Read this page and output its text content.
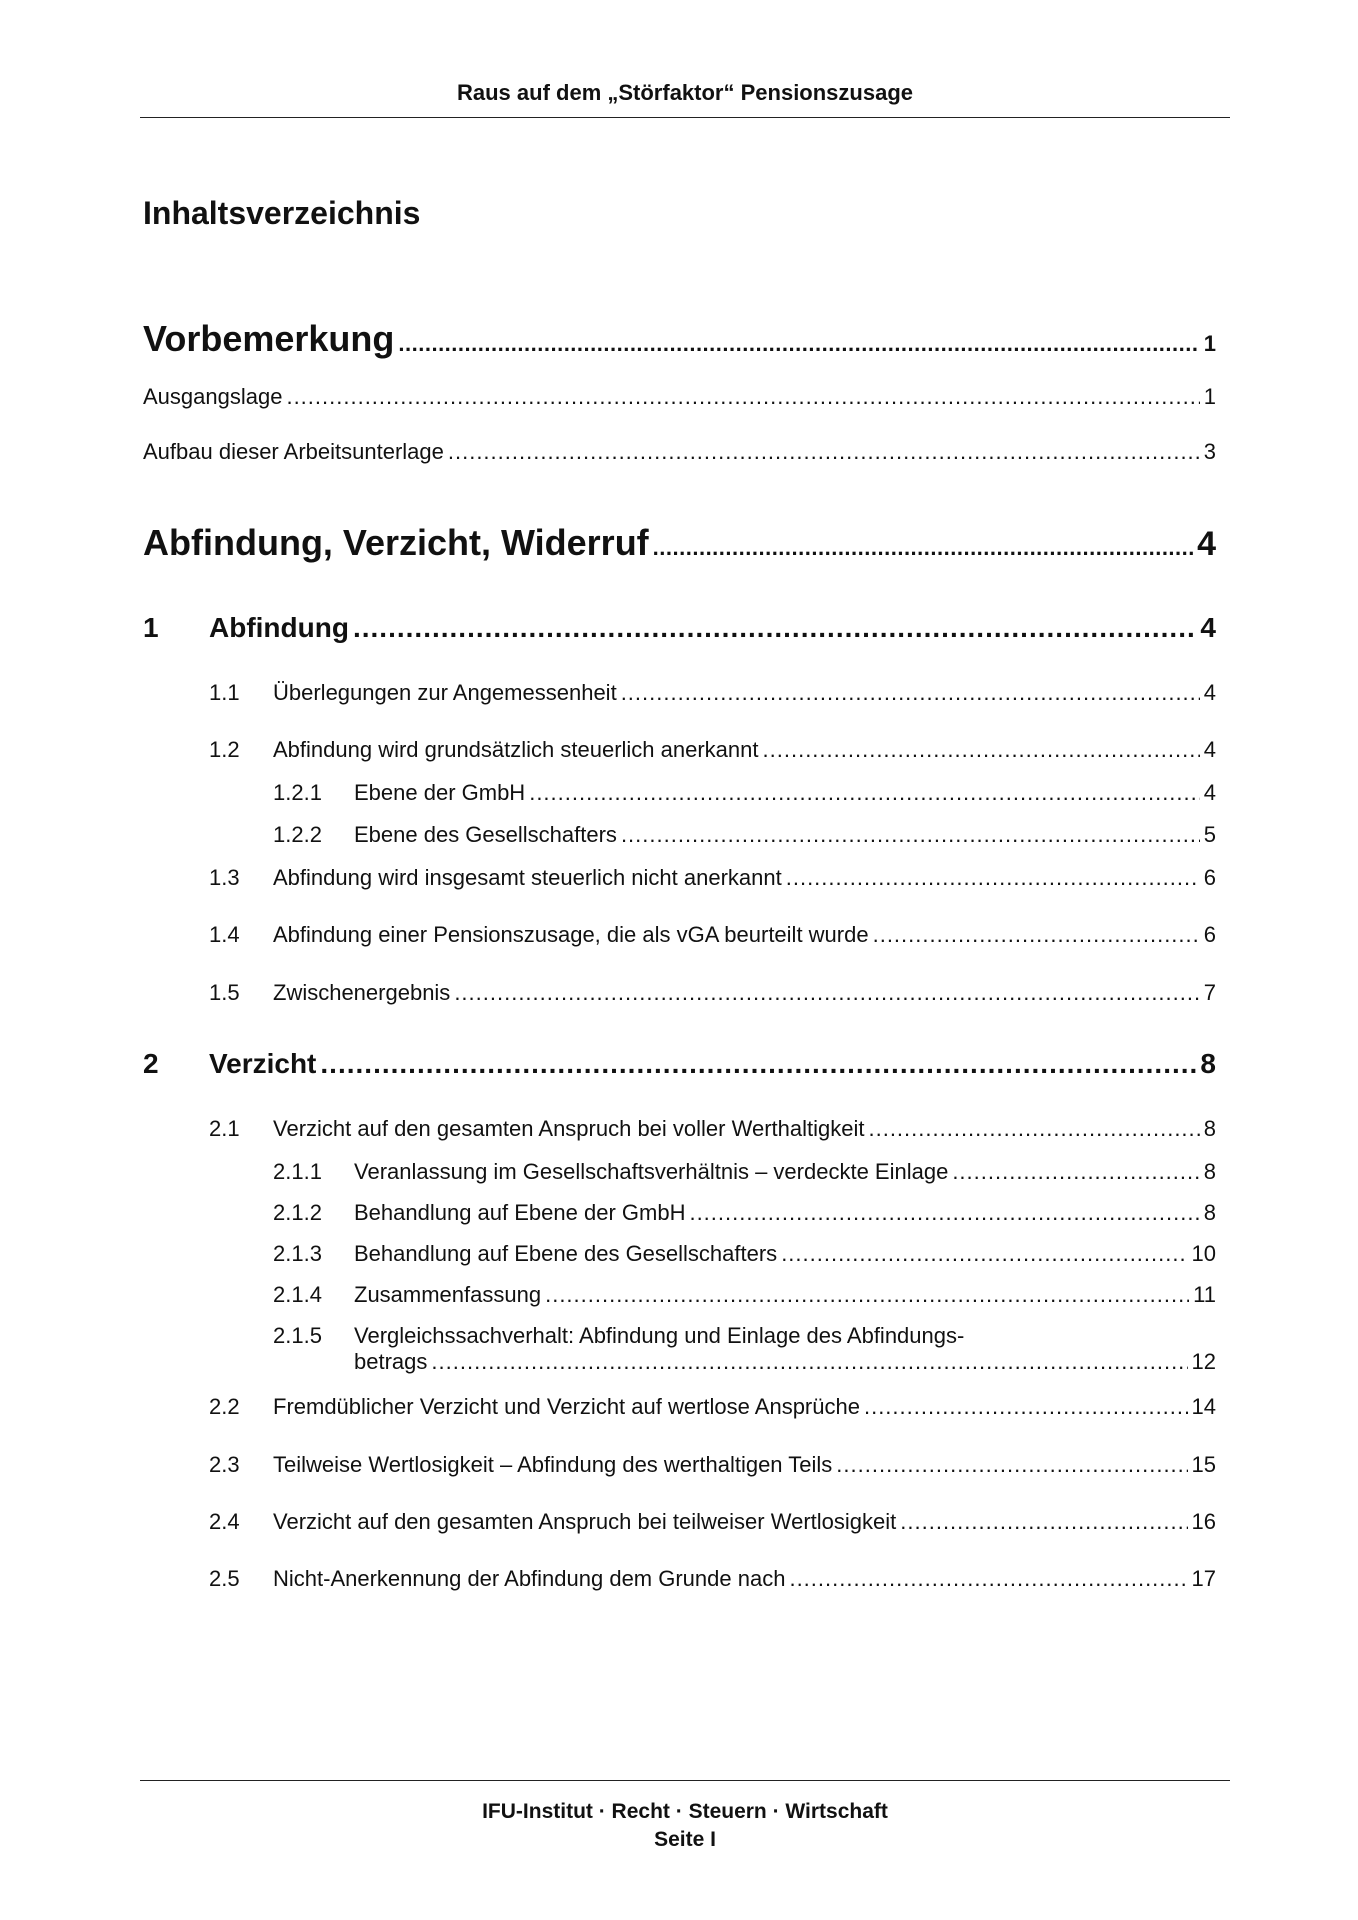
Raus auf dem „Störfaktor“ Pensionszusage
Inhaltsverzeichnis
Vorbemerkung .....	1
Ausgangslage .....	1
Aufbau dieser Arbeitsunterlage .....	3
Abfindung, Verzicht, Widerruf .....	4
1	Abfindung .....	4
1.1	Überlegungen zur Angemessenheit .....	4
1.2	Abfindung wird grundsätzlich steuerlich anerkannt .....	4
1.2.1	Ebene der GmbH .....	4
1.2.2	Ebene des Gesellschafters .....	5
1.3	Abfindung wird insgesamt steuerlich nicht anerkannt .....	6
1.4	Abfindung einer Pensionszusage, die als vGA beurteilt wurde .....	6
1.5	Zwischenergebnis .....	7
2	Verzicht .....	8
2.1	Verzicht auf den gesamten Anspruch bei voller Werthaltigkeit .....	8
2.1.1	Veranlassung im Gesellschaftsverhältnis – verdeckte Einlage .....	8
2.1.2	Behandlung auf Ebene der GmbH .....	8
2.1.3	Behandlung auf Ebene des Gesellschafters .....	10
2.1.4	Zusammenfassung .....	11
2.1.5	Vergleichssachverhalt: Abfindung und Einlage des Abfindungs-
betrags .....	12
2.2	Fremdüblicher Verzicht und Verzicht auf wertlose Ansprüche .....	14
2.3	Teilweise Wertlosigkeit – Abfindung des werthaltigen Teils .....	15
2.4	Verzicht auf den gesamten Anspruch bei teilweiser Wertlosigkeit .....	16
2.5	Nicht-Anerkennung der Abfindung dem Grunde nach .....	17
IFU-Institut · Recht · Steuern · Wirtschaft
Seite I
